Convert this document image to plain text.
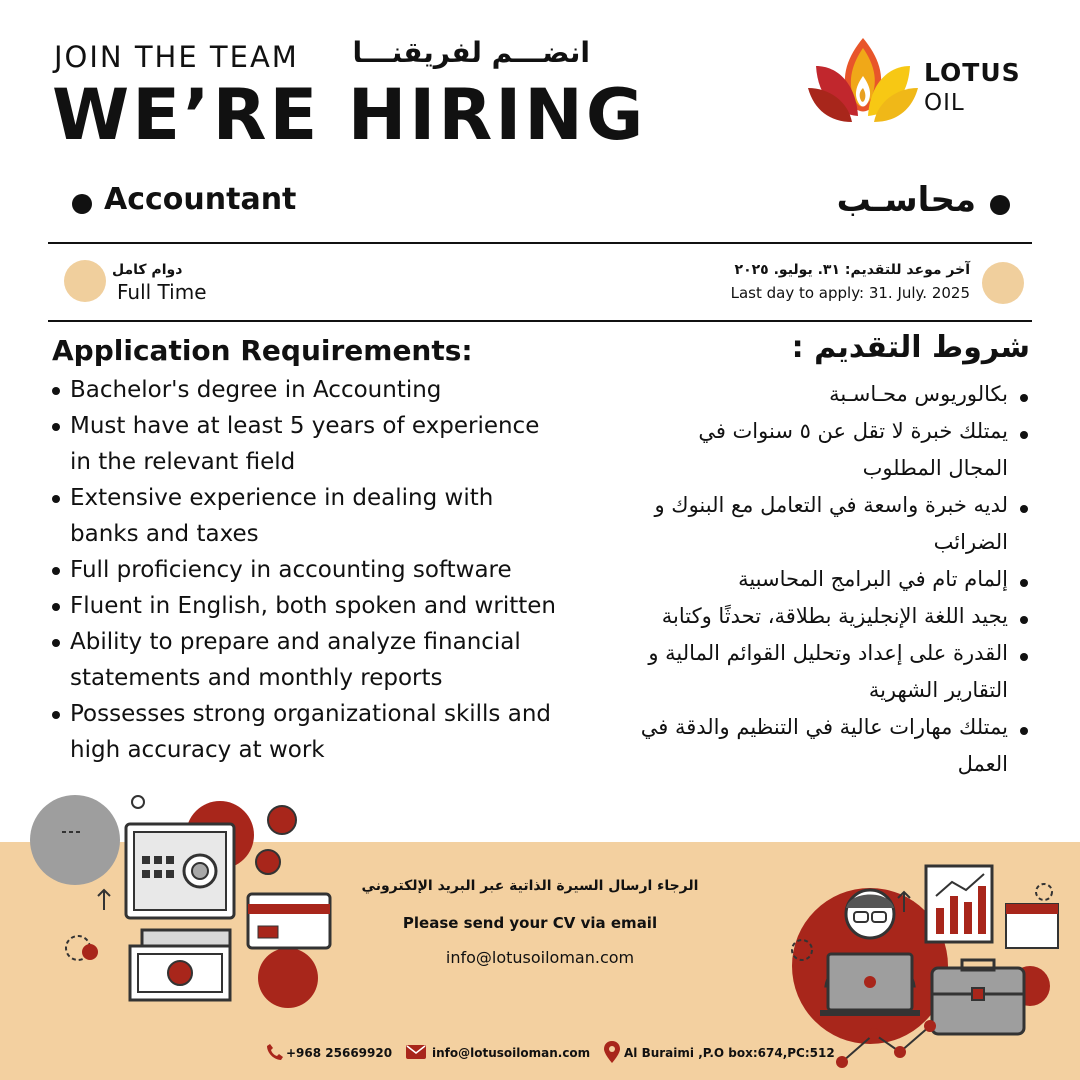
JOIN THE TEAM انضـــم لفريقنـــا
WE’RE HIRING
LOTUS
OIL
Accountant	محاسـب
دوام كامل
Full Time
آخر موعد للتقديم: ٣١. يوليو. ٢٠٢٥
Last day to apply: 31. July. 2025
Application Requirements:
Bachelor's degree in Accounting
Must have at least 5 years of experience in the relevant field
Extensive experience in dealing with banks and taxes
Full proficiency in accounting software
Fluent in English, both spoken and written
Ability to prepare and analyze financial statements and monthly reports
Possesses strong organizational skills and high accuracy at work
شروط التقديم :
بكالوريوس محـاسـبة
يمتلك خبرة لا تقل عن ٥ سنوات في المجال المطلوب
لديه خبرة واسعة في التعامل مع البنوك و الضرائب
إلمام تام في البرامج المحاسبية
يجيد اللغة الإنجليزية بطلاقة، تحدثًا وكتابة
القدرة على إعداد وتحليل القوائم المالية و التقارير الشهرية
يمتلك مهارات عالية في التنظيم والدقة في العمل
الرجاء ارسال السيرة الذاتية عبر البريد الإلكتروني
Please send your CV via email
info@lotusoiloman.com
+968 25669920	info@lotusoiloman.com	Al Buraimi ,P.O box:674,PC:512
